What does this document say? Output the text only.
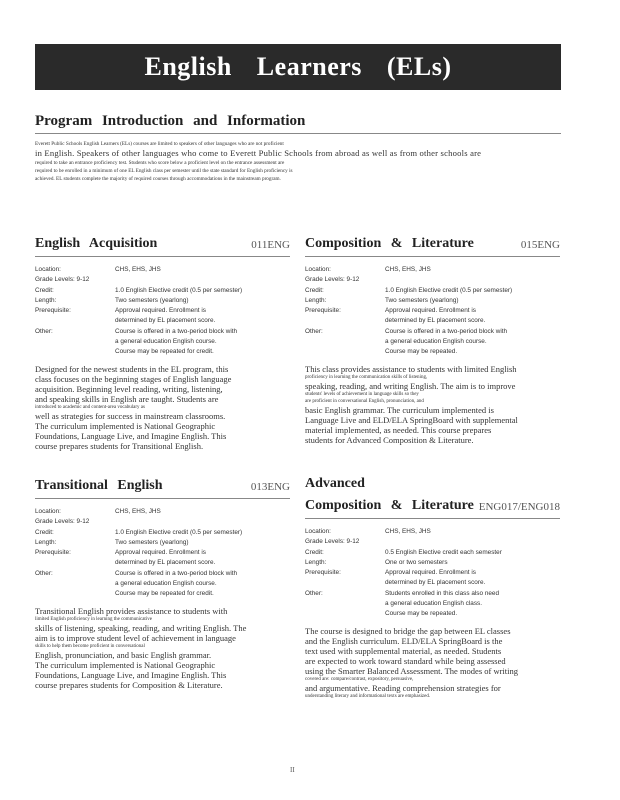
English Learners (ELs)
Program Introduction and Information
Everett Public Schools English Learners (ELs) courses are limited to speakers of other languages who are not proficient
in English. Speakers of other languages who come to Everett Public Schools from abroad as well as from other schools are
required to take an entrance proficiency test. Students who score below a proficient level on the entrance assessment are
required to be enrolled in a minimum of one EL English class per semester until the state standard for English proficiency is
achieved. EL students complete the majority of required courses through accommodations in the mainstream program.
English Acquisition	011ENG
Location:	CHS, EHS, JHS
Grade Levels: 9-12
Credit:	1.0 English Elective credit (0.5 per semester)
Length:	Two semesters (yearlong)
Prerequisite:	Approval required. Enrollment is
determined by EL placement score.
Other:	Course is offered in a two-period block with
a general education English course.
Course may be repeated for credit.
Designed for the newest students in the EL program, this
class focuses on the beginning stages of English language
acquisition. Beginning level reading, writing, listening,
and speaking skills in English are taught. Students are
introduced to academic and content-area vocabulary as
well as strategies for success in mainstream classrooms.
The curriculum implemented is National Geographic
Foundations, Language Live, and Imagine English. This
course prepares students for Transitional English.
Composition & Literature	015ENG
Location:	CHS, EHS, JHS
Grade Levels: 9-12
Credit:	1.0 English Elective credit (0.5 per semester)
Length:	Two semesters (yearlong)
Prerequisite:	Approval required. Enrollment is
determined by EL placement score.
Other:	Course is offered in a two-period block with
a general education English course.
Course may be repeated.
This class provides assistance to students with limited English
proficiency in learning the communication skills of listening,
speaking, reading, and writing English. The aim is to improve
students' levels of achievement in language skills so they
are proficient in conversational English, pronunciation, and
basic English grammar. The curriculum implemented is
Language Live and ELD/ELA SpringBoard with supplemental
material implemented, as needed. This course prepares
students for Advanced Composition & Literature.
Transitional English	013ENG
Location:	CHS, EHS, JHS
Grade Levels: 9-12
Credit:	1.0 English Elective credit (0.5 per semester)
Length:	Two semesters (yearlong)
Prerequisite:	Approval required. Enrollment is
determined by EL placement score.
Other:	Course is offered in a two-period block with
a general education English course.
Course may be repeated for credit.
Transitional English provides assistance to students with
limited English proficiency in learning the communicative
skills of listening, speaking, reading, and writing English. The
aim is to improve student level of achievement in language
skills to help them become proficient in conversational
English, pronunciation, and basic English grammar.
The curriculum implemented is National Geographic
Foundations, Language Live, and Imagine English. This
course prepares students for Composition & Literature.
Advanced
Composition & Literature ENG017/ENG018
Location:	CHS, EHS, JHS
Grade Levels: 9-12
Credit:	0.5 English Elective credit each semester
Length:	One or two semesters
Prerequisite:	Approval required. Enrollment is
determined by EL placement score.
Other:	Students enrolled in this class also need
a general education English class.
Course may be repeated.
The course is designed to bridge the gap between EL classes
and the English curriculum. ELD/ELA SpringBoard is the
text used with supplemental material, as needed. Students
are expected to work toward standard while being assessed
using the Smarter Balanced Assessment. The modes of writing
covered are: compare/contrast, expository, persuasive,
and argumentative. Reading comprehension strategies for
understanding literary and informational texts are emphasized.
II
